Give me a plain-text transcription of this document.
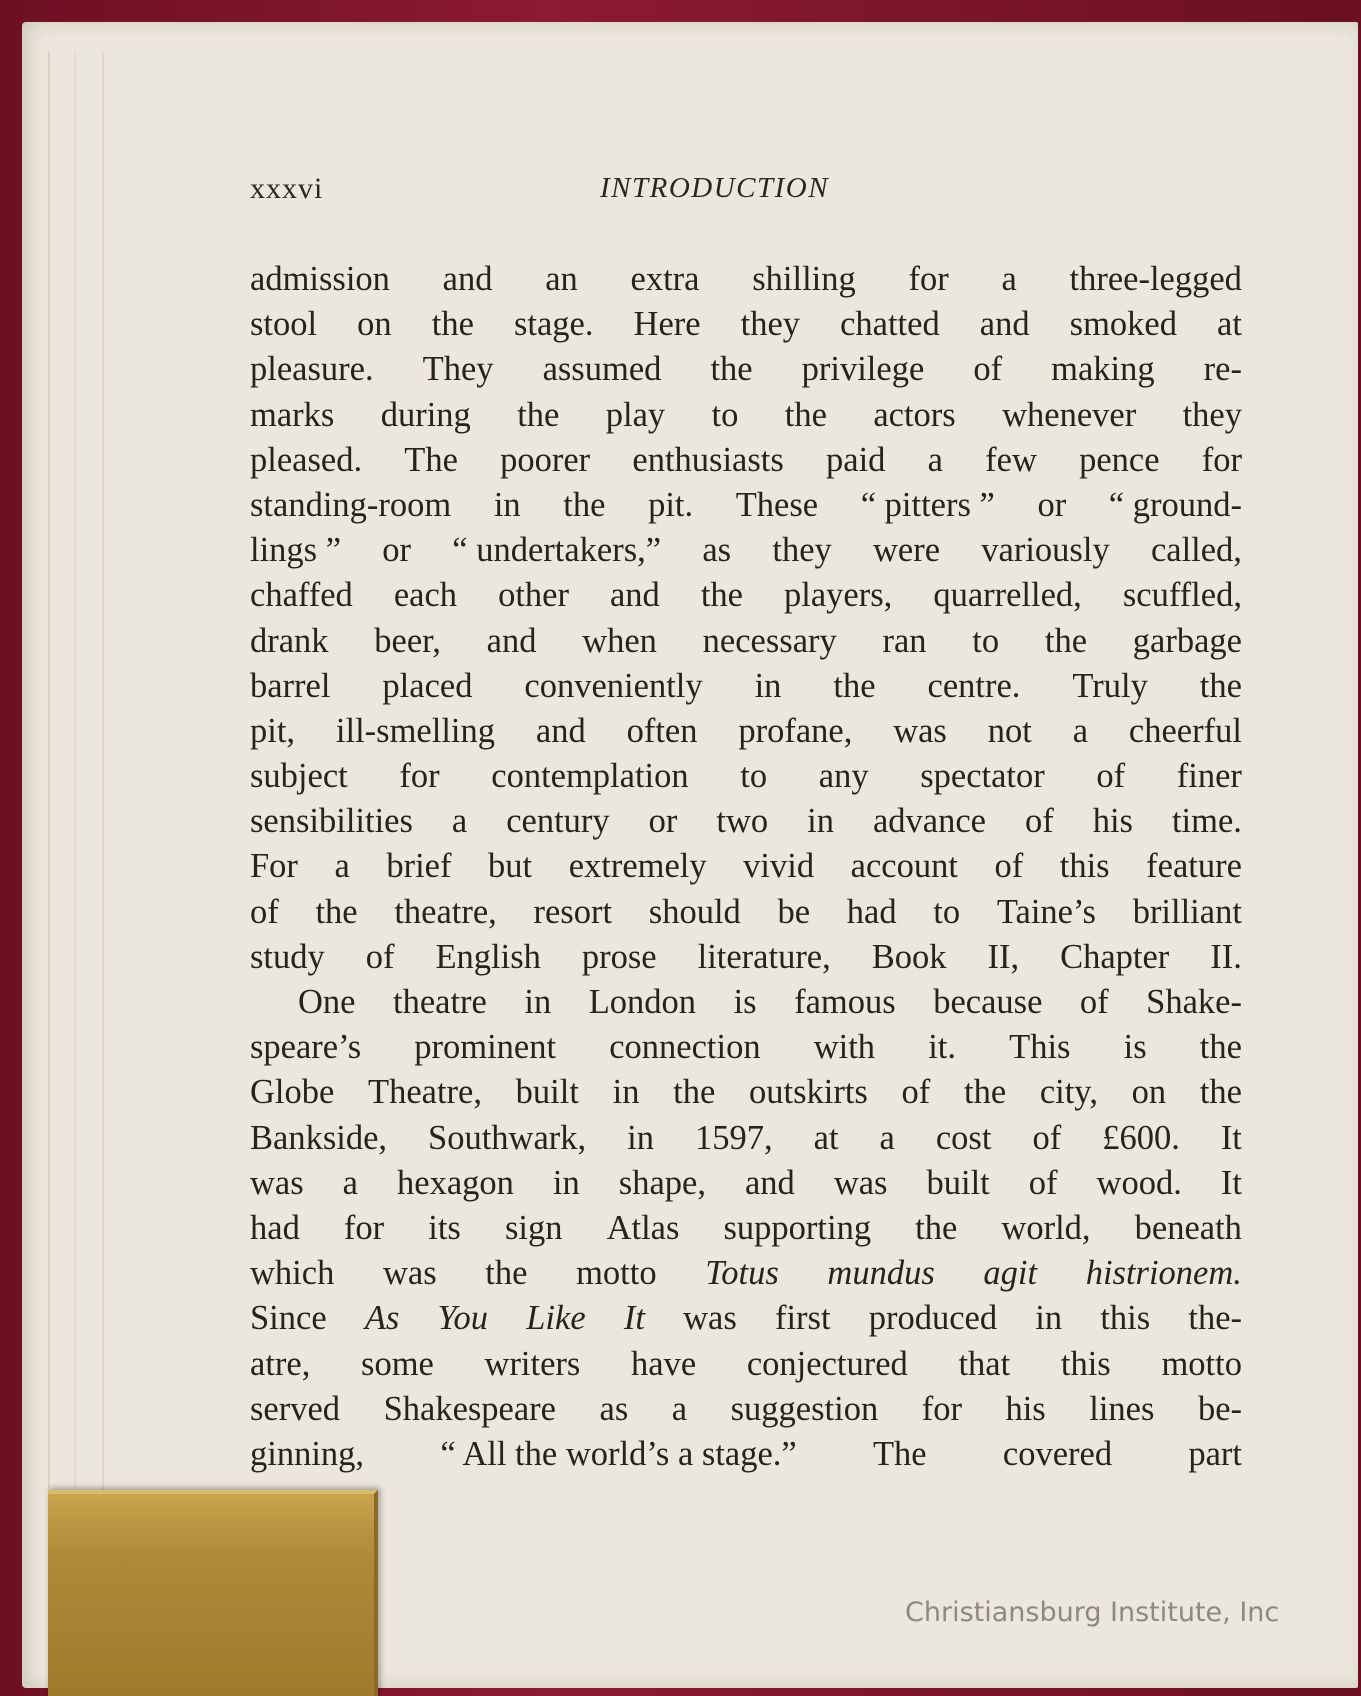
xxxvi	INTRODUCTION
admission and an extra shilling for a three-legged
stool on the stage. Here they chatted and smoked at
pleasure. They assumed the privilege of making re-
marks during the play to the actors whenever they
pleased. The poorer enthusiasts paid a few pence for
standing-room in the pit. These “ pitters ” or “ ground-
lings ” or “ undertakers,” as they were variously called,
chaffed each other and the players, quarrelled, scuffled,
drank beer, and when necessary ran to the garbage
barrel placed conveniently in the centre. Truly the
pit, ill-smelling and often profane, was not a cheerful
subject for contemplation to any spectator of finer
sensibilities a century or two in advance of his time.
For a brief but extremely vivid account of this feature
of the theatre, resort should be had to Taine’s brilliant
study of English prose literature, Book II, Chapter II.
One theatre in London is famous because of Shake-
speare’s prominent connection with it. This is the
Globe Theatre, built in the outskirts of the city, on the
Bankside, Southwark, in 1597, at a cost of £600. It
was a hexagon in shape, and was built of wood. It
had for its sign Atlas supporting the world, beneath
which was the motto Totus mundus agit histrionem.
Since As You Like It was first produced in this the-
atre, some writers have conjectured that this motto
served Shakespeare as a suggestion for his lines be-
ginning, “ All the world’s a stage.” The covered part
Christiansburg Institute, Inc
